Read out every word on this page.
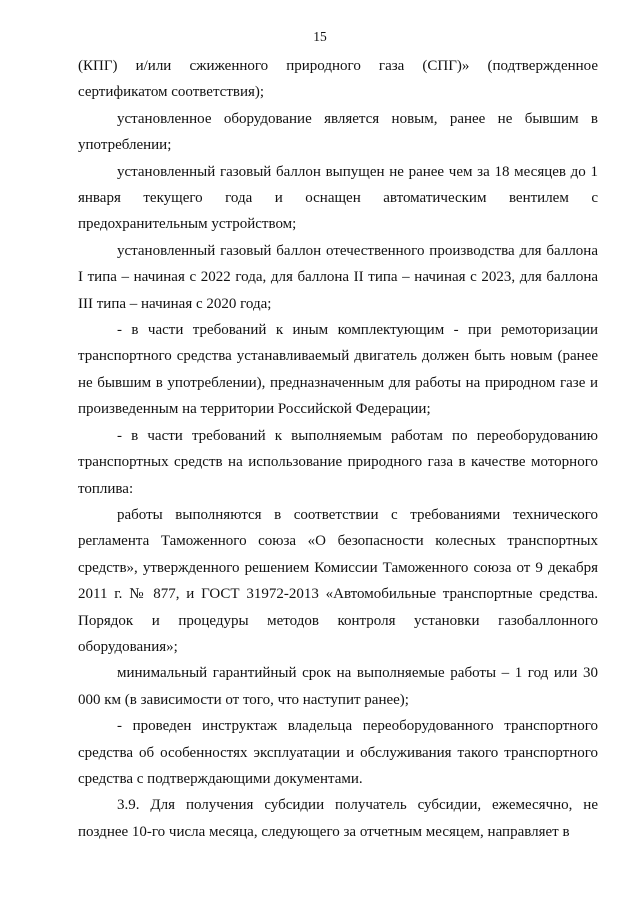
15

(КПГ) и/или сжиженного природного газа (СПГ)» (подтвержденное сертификатом соответствия);

установленное оборудование является новым, ранее не бывшим в употреблении;

установленный газовый баллон выпущен не ранее чем за 18 месяцев до 1 января текущего года и оснащен автоматическим вентилем с предохранительным устройством;

установленный газовый баллон отечественного производства для баллона I типа – начиная с 2022 года, для баллона II типа – начиная с 2023, для баллона III типа – начиная с 2020 года;

- в части требований к иным комплектующим - при ремоторизации транспортного средства устанавливаемый двигатель должен быть новым (ранее не бывшим в употреблении), предназначенным для работы на природном газе и произведенным на территории Российской Федерации;

- в части требований к выполняемым работам по переоборудованию транспортных средств на использование природного газа в качестве моторного топлива:

работы выполняются в соответствии с требованиями технического регламента Таможенного союза «О безопасности колесных транспортных средств», утвержденного решением Комиссии Таможенного союза от 9 декабря 2011 г. № 877, и ГОСТ 31972-2013 «Автомобильные транспортные средства. Порядок и процедуры методов контроля установки газобаллонного оборудования»;

минимальный гарантийный срок на выполняемые работы – 1 год или 30 000 км (в зависимости от того, что наступит ранее);

- проведен инструктаж владельца переоборудованного транспортного средства об особенностях эксплуатации и обслуживания такого транспортного средства с подтверждающими документами.

3.9. Для получения субсидии получатель субсидии, ежемесячно, не позднее 10-го числа месяца, следующего за отчетным месяцем, направляет в
